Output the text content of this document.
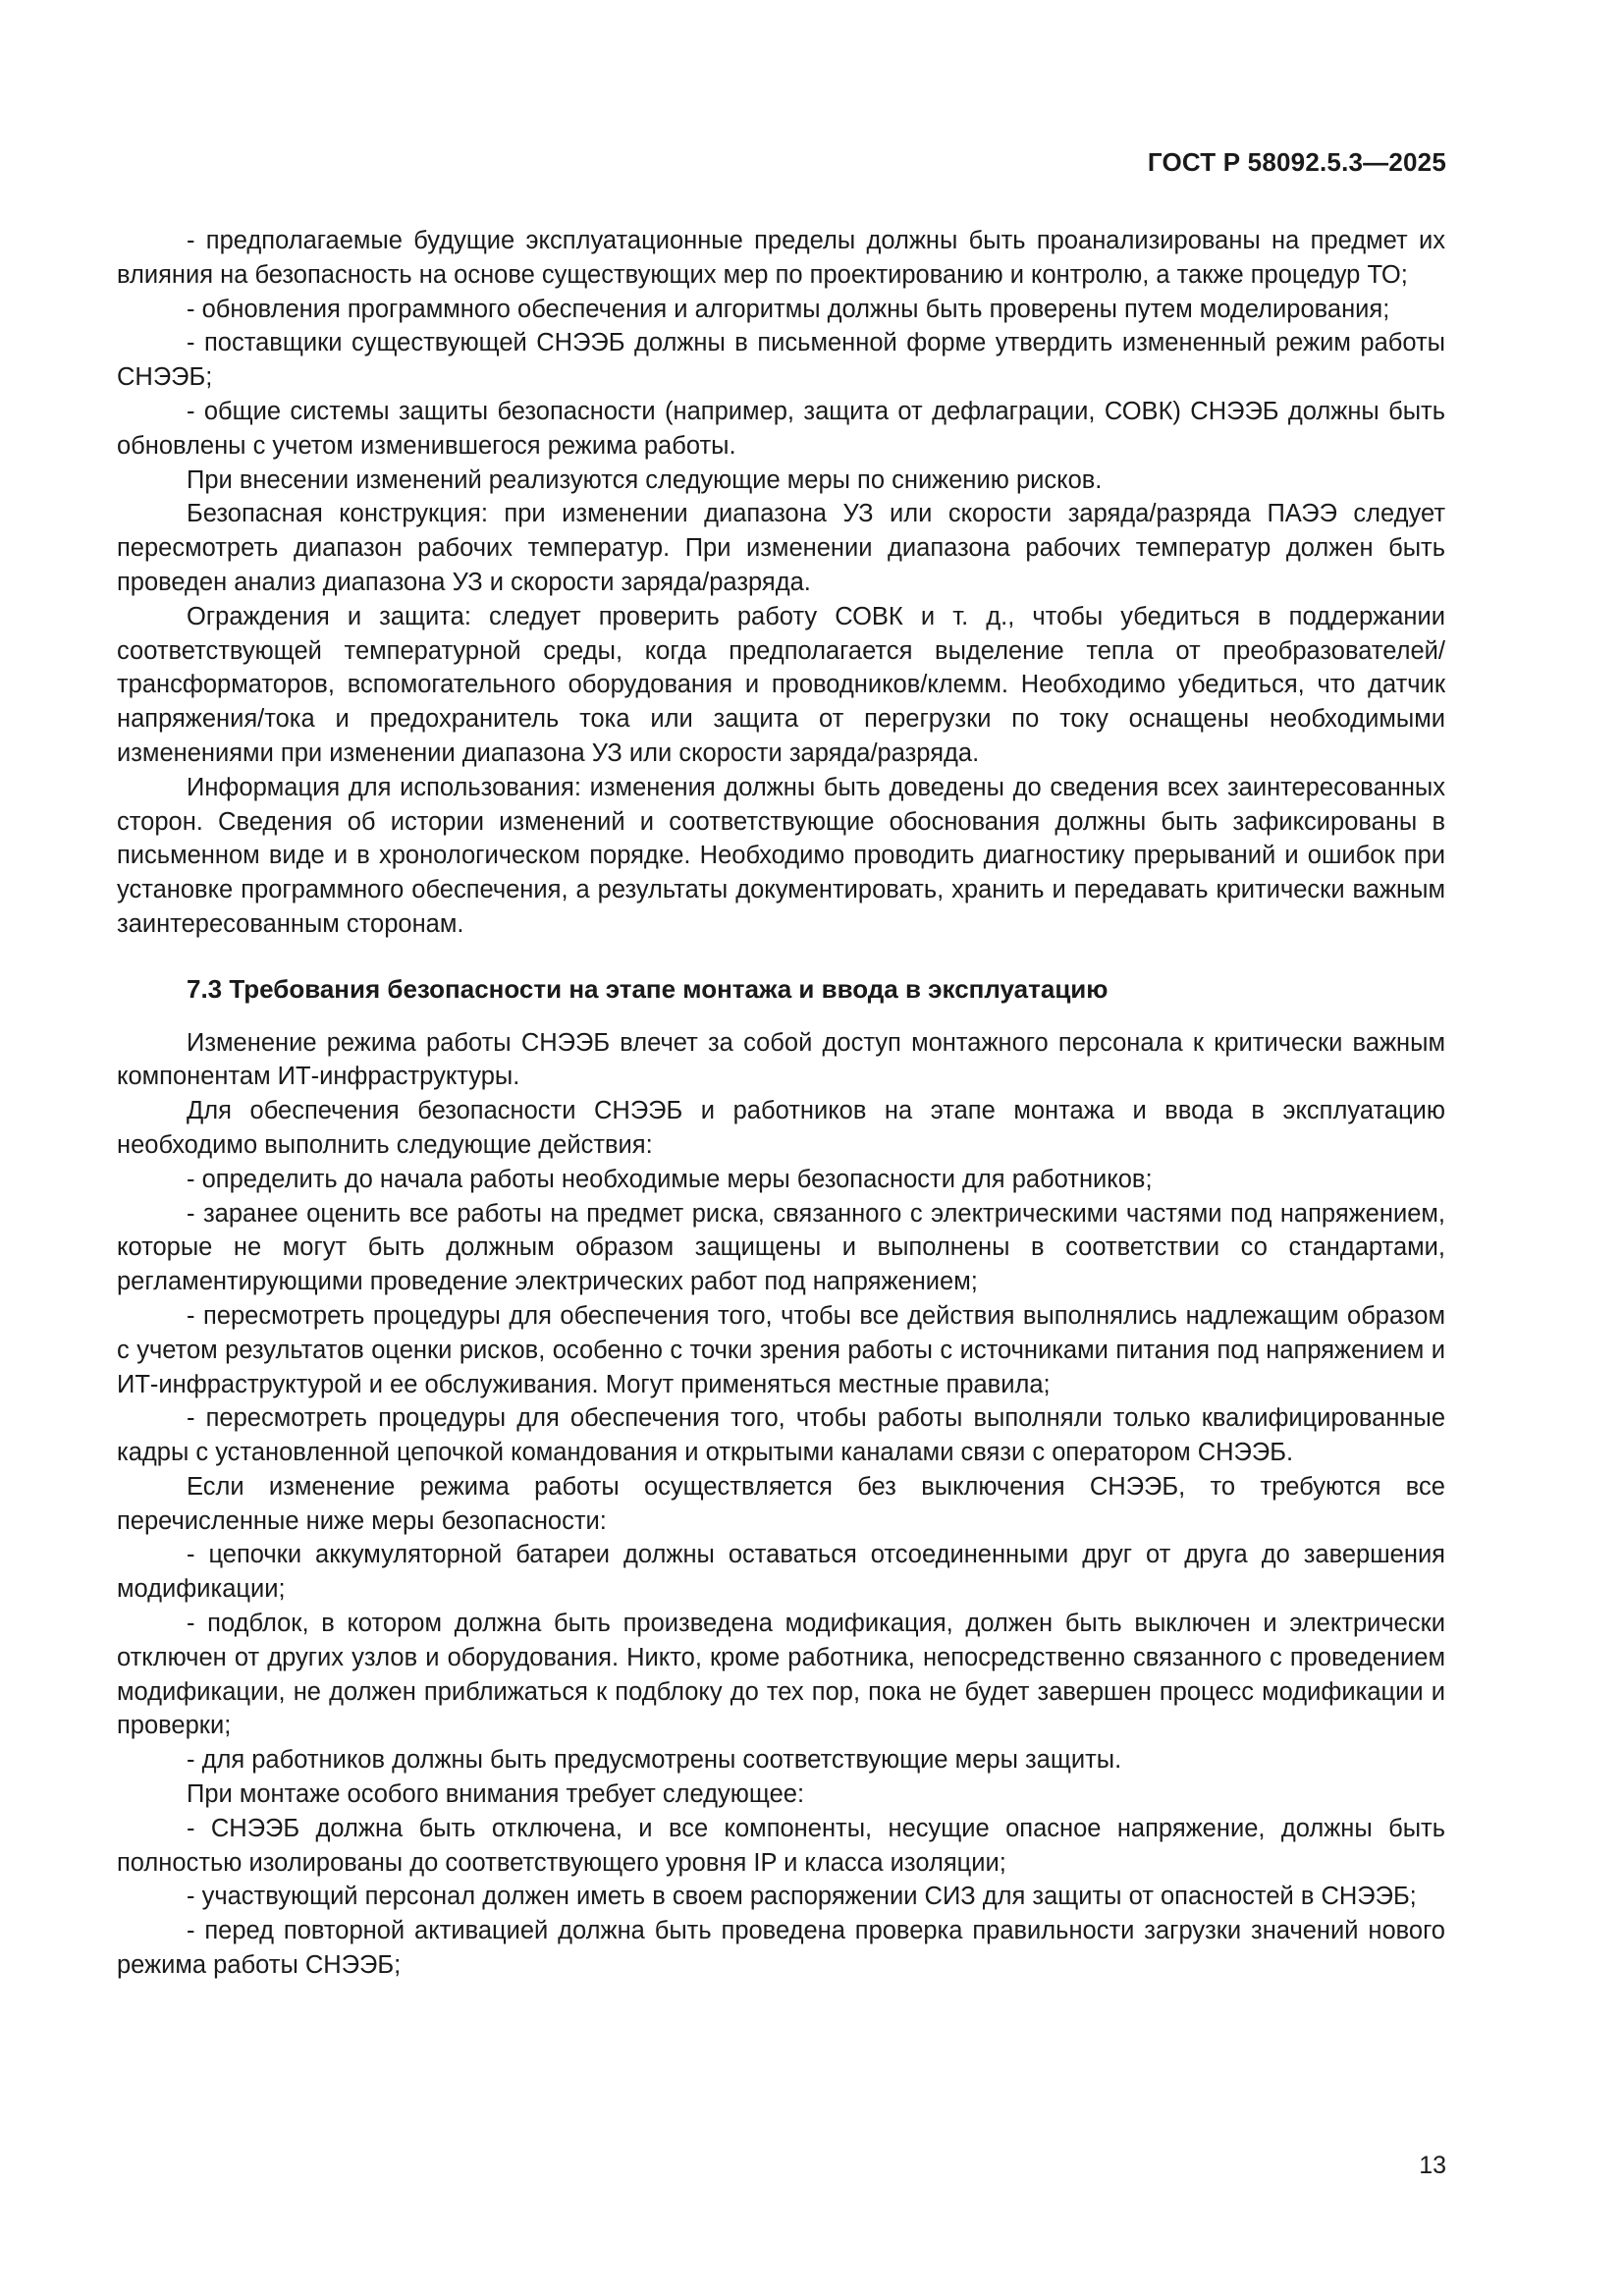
ГОСТ Р 58092.5.3—2025

- предполагаемые будущие эксплуатационные пределы должны быть проанализированы на предмет их влияния на безопасность на основе существующих мер по проектированию и контролю, а также процедур ТО;

- обновления программного обеспечения и алгоритмы должны быть проверены путем моделирования;

- поставщики существующей СНЭЭБ должны в письменной форме утвердить измененный режим работы СНЭЭБ;

- общие системы защиты безопасности (например, защита от дефлаграции, СОВК) СНЭЭБ должны быть обновлены с учетом изменившегося режима работы.

При внесении изменений реализуются следующие меры по снижению рисков.

Безопасная конструкция: при изменении диапазона УЗ или скорости заряда/разряда ПАЭЭ следует пересмотреть диапазон рабочих температур. При изменении диапазона рабочих температур должен быть проведен анализ диапазона УЗ и скорости заряда/разряда.

Ограждения и защита: следует проверить работу СОВК и т. д., чтобы убедиться в поддержании соответствующей температурной среды, когда предполагается выделение тепла от преобразователей/трансформаторов, вспомогательного оборудования и проводников/клемм. Необходимо убедиться, что датчик напряжения/тока и предохранитель тока или защита от перегрузки по току оснащены необходимыми изменениями при изменении диапазона УЗ или скорости заряда/разряда.

Информация для использования: изменения должны быть доведены до сведения всех заинтересованных сторон. Сведения об истории изменений и соответствующие обоснования должны быть зафиксированы в письменном виде и в хронологическом порядке. Необходимо проводить диагностику прерываний и ошибок при установке программного обеспечения, а результаты документировать, хранить и передавать критически важным заинтересованным сторонам.

7.3 Требования безопасности на этапе монтажа и ввода в эксплуатацию

Изменение режима работы СНЭЭБ влечет за собой доступ монтажного персонала к критически важным компонентам ИТ-инфраструктуры.

Для обеспечения безопасности СНЭЭБ и работников на этапе монтажа и ввода в эксплуатацию необходимо выполнить следующие действия:

- определить до начала работы необходимые меры безопасности для работников;

- заранее оценить все работы на предмет риска, связанного с электрическими частями под напряжением, которые не могут быть должным образом защищены и выполнены в соответствии со стандартами, регламентирующими проведение электрических работ под напряжением;

- пересмотреть процедуры для обеспечения того, чтобы все действия выполнялись надлежащим образом с учетом результатов оценки рисков, особенно с точки зрения работы с источниками питания под напряжением и ИТ-инфраструктурой и ее обслуживания. Могут применяться местные правила;

- пересмотреть процедуры для обеспечения того, чтобы работы выполняли только квалифицированные кадры с установленной цепочкой командования и открытыми каналами связи с оператором СНЭЭБ.

Если изменение режима работы осуществляется без выключения СНЭЭБ, то требуются все перечисленные ниже меры безопасности:

- цепочки аккумуляторной батареи должны оставаться отсоединенными друг от друга до завершения модификации;

- подблок, в котором должна быть произведена модификация, должен быть выключен и электрически отключен от других узлов и оборудования. Никто, кроме работника, непосредственно связанного с проведением модификации, не должен приближаться к подблоку до тех пор, пока не будет завершен процесс модификации и проверки;

- для работников должны быть предусмотрены соответствующие меры защиты.

При монтаже особого внимания требует следующее:

- СНЭЭБ должна быть отключена, и все компоненты, несущие опасное напряжение, должны быть полностью изолированы до соответствующего уровня IP и класса изоляции;

- участвующий персонал должен иметь в своем распоряжении СИЗ для защиты от опасностей в СНЭЭБ;

- перед повторной активацией должна быть проведена проверка правильности загрузки значений нового режима работы СНЭЭБ;

13
